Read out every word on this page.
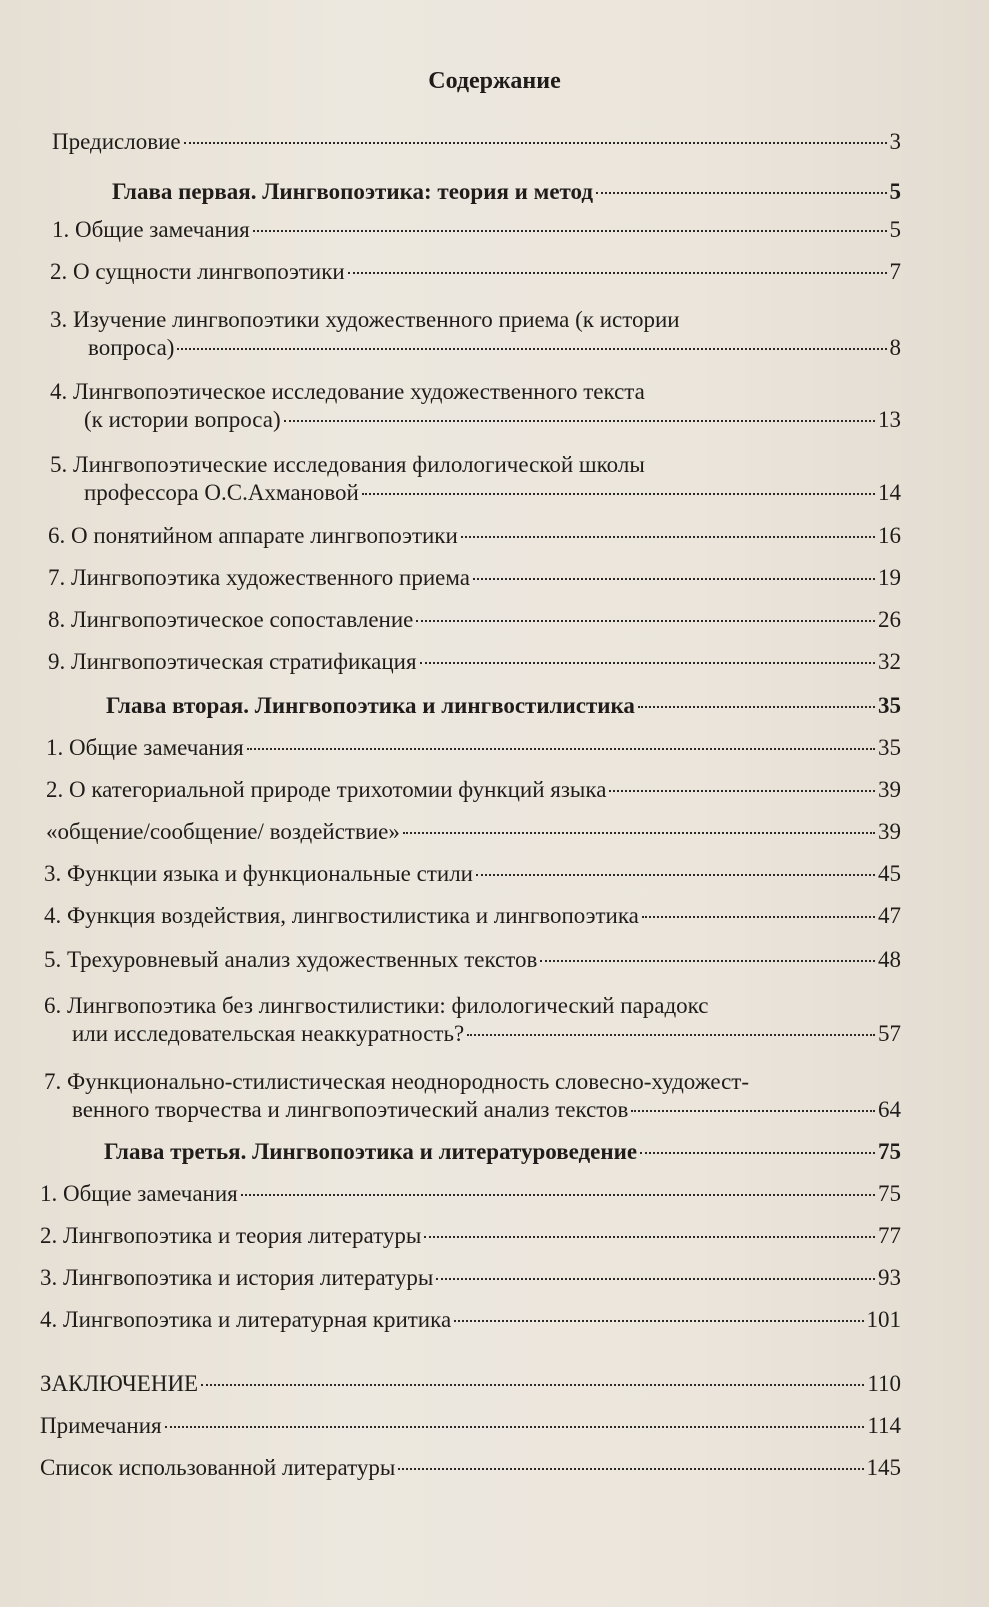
Содержание
Предисловие	3
Глава первая. Лингвопоэтика: теория и метод	5
1. Общие замечания	5
2. О сущности лингвопоэтики	7
3. Изучение лингвопоэтики художественного приема (к истории
вопроса)	8
4. Лингвопоэтическое исследование художественного текста
(к истории вопроса)	13
5. Лингвопоэтические исследования филологической школы
профессора О.С.Ахмановой	14
6. О понятийном аппарате лингвопоэтики	16
7. Лингвопоэтика художественного приема	19
8. Лингвопоэтическое сопоставление	26
9. Лингвопоэтическая стратификация	32
Глава вторая. Лингвопоэтика и лингвостилистика	35
1. Общие замечания	35
2. О категориальной природе трихотомии функций языка	39
«общение/сообщение/ воздействие»	39
3. Функции языка и функциональные стили	45
4. Функция воздействия, лингвостилистика и лингвопоэтика	47
5. Трехуровневый анализ художественных текстов	48
6. Лингвопоэтика без лингвостилистики: филологический парадокс
или исследовательская неаккуратность?	57
7. Функционально-стилистическая неоднородность словесно-художест-
венного творчества и лингвопоэтический анализ текстов	64
Глава третья. Лингвопоэтика и литературоведение	75
1. Общие замечания	75
2. Лингвопоэтика и теория литературы	77
3. Лингвопоэтика и история литературы	93
4. Лингвопоэтика и литературная критика	101
ЗАКЛЮЧЕНИЕ	110
Примечания	114
Список использованной литературы	145
